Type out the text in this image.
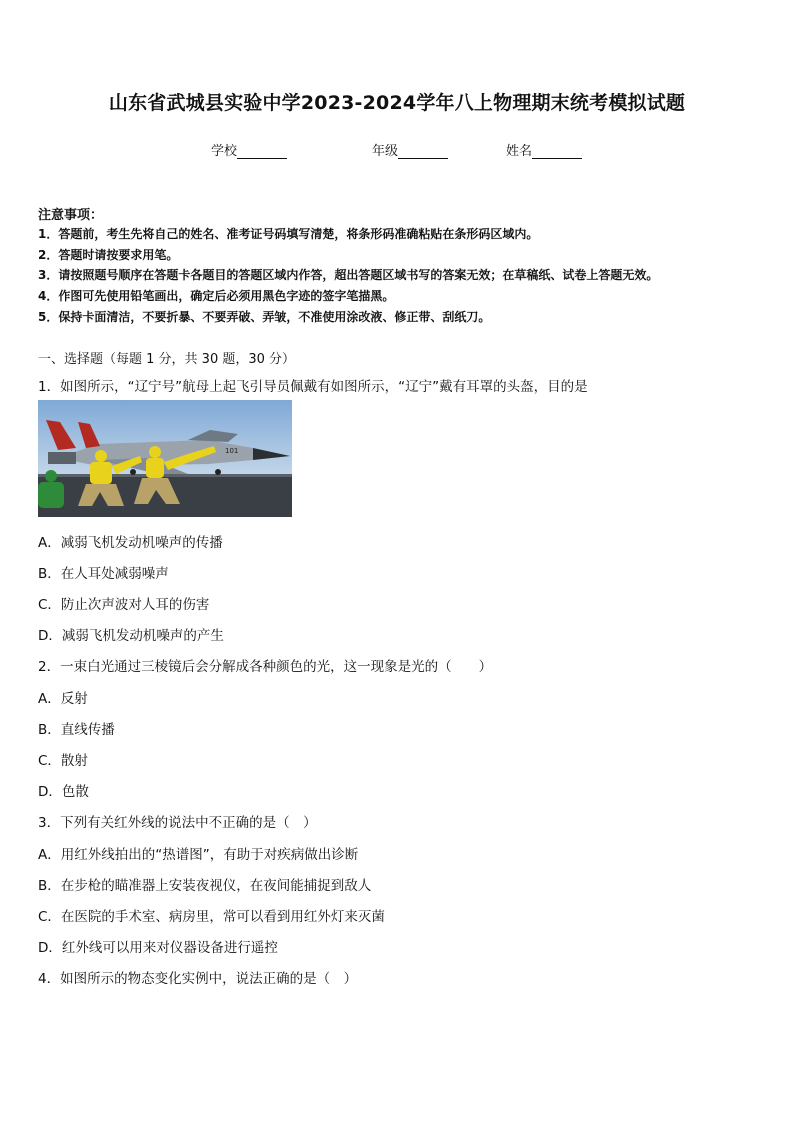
山东省武城县实验中学2023-2024学年八上物理期末统考模拟试题
学校	年级	姓名
注意事项：
1．答题前，考生先将自己的姓名、准考证号码填写清楚，将条形码准确粘贴在条形码区域内。
2．答题时请按要求用笔。
3．请按照题号顺序在答题卡各题目的答题区域内作答，超出答题区域书写的答案无效；在草稿纸、试卷上答题无效。
4．作图可先使用铅笔画出，确定后必须用黑色字迹的签字笔描黑。
5．保持卡面清洁，不要折暴、不要弄破、弄皱，不准使用涂改液、修正带、刮纸刀。
一、选择题（每题 1 分，共 30 题，30 分）
1．如图所示，“辽宁号”航母上起飞引导员佩戴有如图所示，“辽宁”戴有耳罩的头盔，目的是
101
A．减弱飞机发动机噪声的传播
B．在人耳处减弱噪声
C．防止次声波对人耳的伤害
D．减弱飞机发动机噪声的产生
2．一束白光通过三棱镜后会分解成各种颜色的光，这一现象是光的（　　）
A．反射
B．直线传播
C．散射
D．色散
3．下列有关红外线的说法中不正确的是（　）
A．用红外线拍出的“热谱图”，有助于对疾病做出诊断
B．在步枪的瞄准器上安装夜视仪，在夜间能捕捉到敌人
C．在医院的手术室、病房里，常可以看到用红外灯来灭菌
D．红外线可以用来对仪器设备进行遥控
4．如图所示的物态变化实例中，说法正确的是（　）
